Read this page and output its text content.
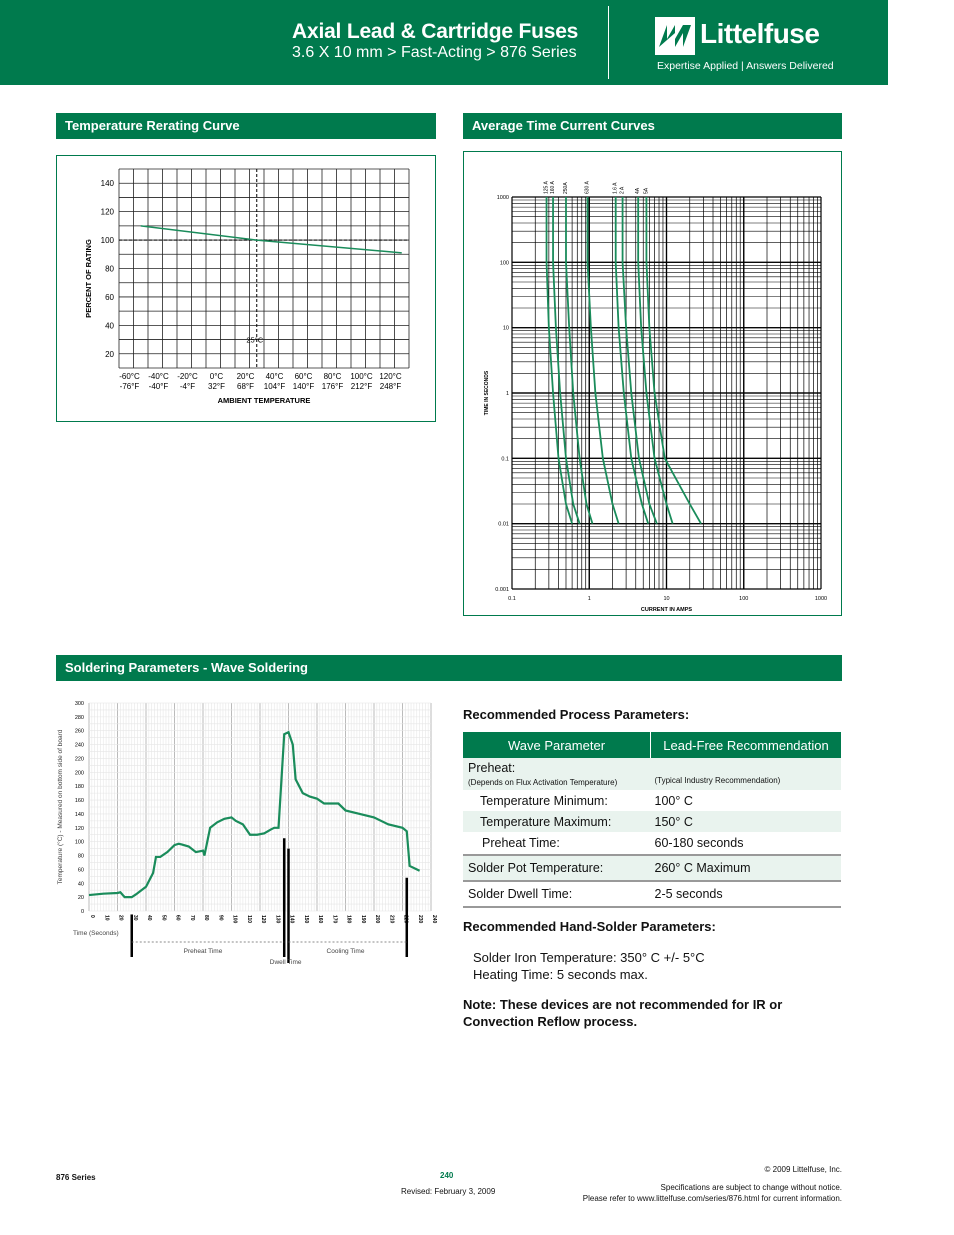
Axial Lead & Cartridge Fuses
3.6 X 10 mm > Fast-Acting > 876 Series
Littelfuse
Expertise Applied | Answers Delivered
Temperature Rerating Curve
20
40
60
80
100
120
140
25°C
-60°C
-76°F
-40°C
-40°F
-20°C
-4°F
0°C
32°F
20°C
68°F
40°C
104°F
60°C
140°F
80°C
176°F
100°C
212°F
120°C
248°F
AMBIENT TEMPERATURE
PERCENT OF RATING
Average Time Current Curves
1000
100
10
1
0.1
0.01
0.001
0.1	1	10	100	1000
CURRENT IN AMPS
TIME IN SECONDS
125 A 160 A 250A	630 A	1.6 A 2 A 4A 5A
Soldering Parameters - Wave Soldering
0
20
40
60
80
100
120
140
160
180
200
220
240
260
280
300
0 10 20 30 40 50 60 70 80 90 100 110 120 130 140 150 160 170 180 190 200 210 220 230 240
Temperature (°C) - Measured on bottom side of board
Time (Seconds)
Preheat Time
Dwell Time
Cooling Time
Recommended Process Parameters:
Wave Parameter	Lead-Free Recommendation

Preheat:
(Depends on Flux Activation Temperature)	(Typical Industry Recommendation)

Temperature Minimum:	100° C
Temperature Maximum:	150° C
Preheat Time:	60-180 seconds
Solder Pot Temperature:	260° C Maximum
Solder Dwell Time:	2-5 seconds
Recommended Hand-Solder Parameters:
Solder Iron Temperature: 350° C +/- 5°C
Heating Time: 5 seconds max.
Note: These devices are not recommended for IR or Convection Reflow process.
876 Series	240
Revised: February 3, 2009
© 2009 Littelfuse, Inc.
Specifications are subject to change without notice.
Please refer to www.littelfuse.com/series/876.html for current information.
